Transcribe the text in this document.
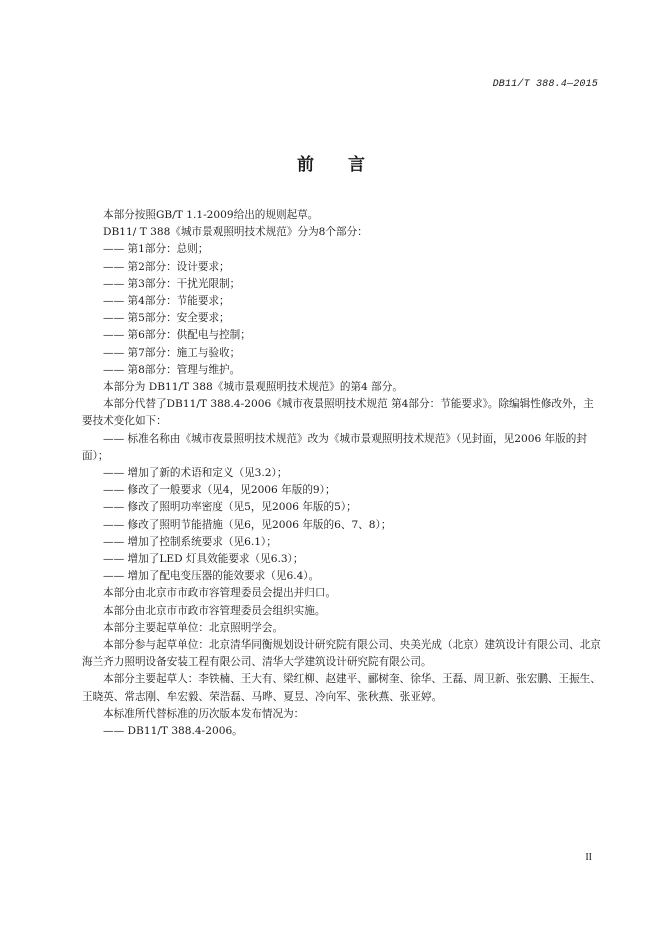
DB11/T 388.4—2015
前言

本部分按照GB/T 1.1-2009给出的规则起草。

DB11/ T 388《城市景观照明技术规范》分为8个部分：

—— 第1部分：总则；
—— 第2部分：设计要求；
—— 第3部分：干扰光限制；
—— 第4部分：节能要求；
—— 第5部分：安全要求；
—— 第6部分：供配电与控制；
—— 第7部分：施工与验收；
—— 第8部分：管理与维护。

本部分为 DB11/T 388《城市景观照明技术规范》的第4 部分。

本部分代替了DB11/T 388.4-2006《城市夜景照明技术规范 第4部分：节能要求》。除编辑性修改外，主要技术变化如下：

—— 标准名称由《城市夜景照明技术规范》改为《城市景观照明技术规范》（见封面，见2006 年版的封面）；
—— 增加了新的术语和定义（见3.2）；
—— 修改了一般要求（见4，见2006 年版的9）；
—— 修改了照明功率密度（见5，见2006 年版的5）；
—— 修改了照明节能措施（见6，见2006 年版的6、7、8）；
—— 增加了控制系统要求（见6.1）；
—— 增加了LED 灯具效能要求（见6.3）；
—— 增加了配电变压器的能效要求（见6.4）。

本部分由北京市市政市容管理委员会提出并归口。

本部分由北京市市政市容管理委员会组织实施。

本部分主要起草单位：北京照明学会。

本部分参与起草单位：北京清华同衡规划设计研究院有限公司、央美光成（北京）建筑设计有限公司、北京海兰齐力照明设备安装工程有限公司、清华大学建筑设计研究院有限公司。

本部分主要起草人：李铁楠、王大有、梁红柳、赵建平、郦树奎、徐华、王磊、周卫新、张宏鹏、王振生、王晓英、常志刚、牟宏毅、荣浩磊、马晔、夏昱、冷向军、张秋燕、张亚婷。

本标准所代替标准的历次版本发布情况为：

—— DB11/T 388.4-2006。
II
